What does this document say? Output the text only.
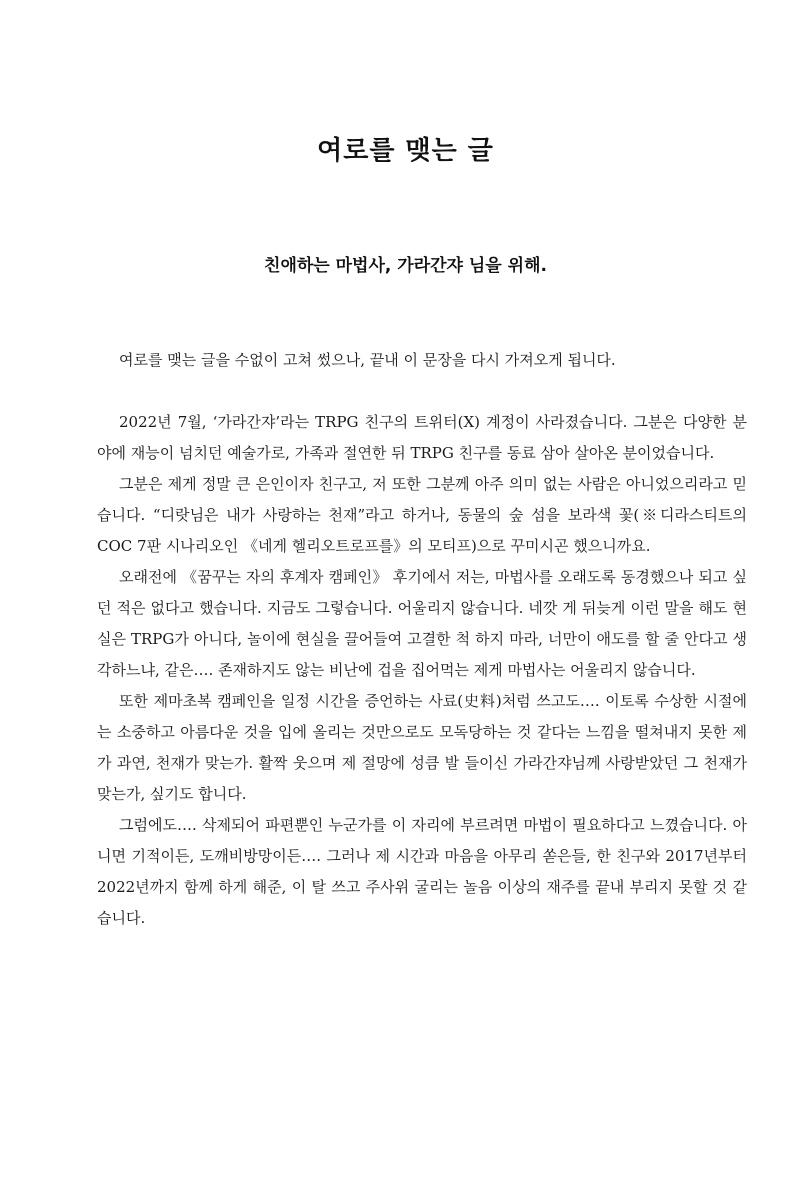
여로를 맺는 글
친애하는 마법사, 가라간쟈 님을 위해.

여로를 맺는 글을 수없이 고쳐 썼으나, 끝내 이 문장을 다시 가져오게 됩니다.

2022년 7월, ‘가라간쟈’라는 TRPG 친구의 트위터(X) 계정이 사라졌습니다. 그분은 다양한 분야에 재능이 넘치던 예술가로, 가족과 절연한 뒤 TRPG 친구를 동료 삼아 살아온 분이었습니다.

그분은 제게 정말 큰 은인이자 친구고, 저 또한 그분께 아주 의미 없는 사람은 아니었으리라고 믿습니다. “디랏님은 내가 사랑하는 천재”라고 하거나, 동물의 숲 섬을 보라색 꽃(※디라스티트의 COC 7판 시나리오인 《네게 헬리오트로프를》의 모티프)으로 꾸미시곤 했으니까요.

오래전에 《꿈꾸는 자의 후계자 캠페인》 후기에서 저는, 마법사를 오래도록 동경했으나 되고 싶던 적은 없다고 했습니다. 지금도 그렇습니다. 어울리지 않습니다. 네깟 게 뒤늦게 이런 말을 해도 현실은 TRPG가 아니다, 놀이에 현실을 끌어들여 고결한 척 하지 마라, 너만이 애도를 할 줄 안다고 생각하느냐, 같은…. 존재하지도 않는 비난에 겁을 집어먹는 제게 마법사는 어울리지 않습니다.

또한 제마초복 캠페인을 일정 시간을 증언하는 사료(史料)처럼 쓰고도…. 이토록 수상한 시절에는 소중하고 아름다운 것을 입에 올리는 것만으로도 모독당하는 것 같다는 느낌을 떨쳐내지 못한 제가 과연, 천재가 맞는가. 활짝 웃으며 제 절망에 성큼 발 들이신 가라간쟈님께 사랑받았던 그 천재가 맞는가, 싶기도 합니다.

그럼에도…. 삭제되어 파편뿐인 누군가를 이 자리에 부르려면 마법이 필요하다고 느꼈습니다. 아니면 기적이든, 도깨비방망이든…. 그러나 제 시간과 마음을 아무리 쏟은들, 한 친구와 2017년부터 2022년까지 함께 하게 해준, 이 탈 쓰고 주사위 굴리는 놀음 이상의 재주를 끝내 부리지 못할 것 같습니다.
